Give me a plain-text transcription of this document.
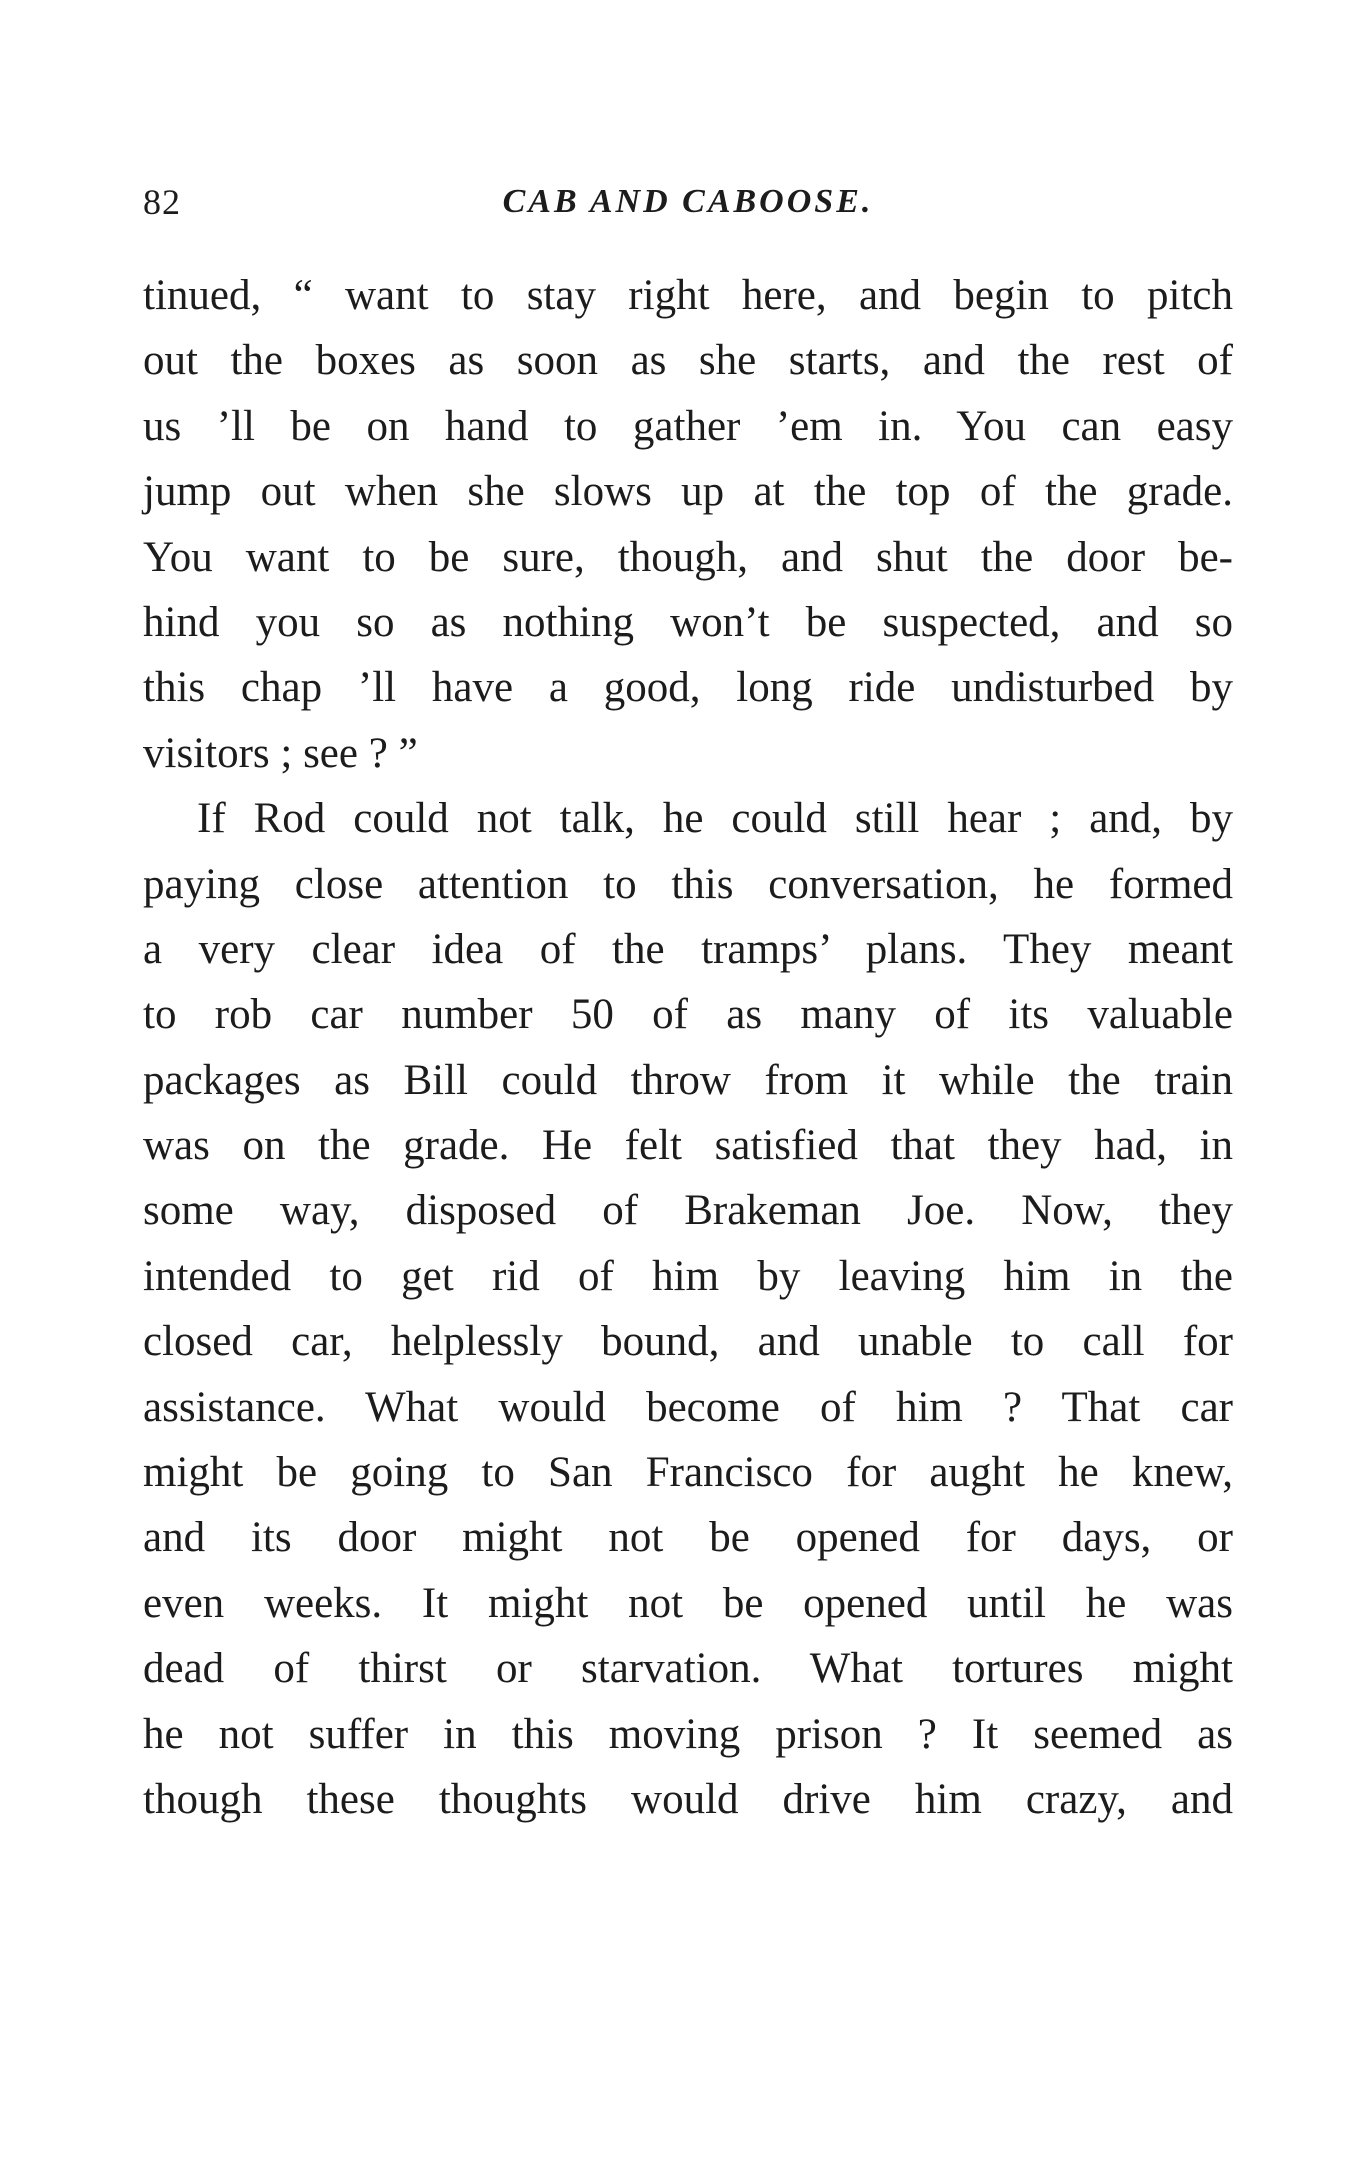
82	CAB AND CABOOSE.
tinued, “ want to stay right here, and begin to pitch
out the boxes as soon as she starts, and the rest of
us ’ll be on hand to gather ’em in. You can easy
jump out when she slows up at the top of the grade.
You want to be sure, though, and shut the door be-
hind you so as nothing won’t be suspected, and so
this chap ’ll have a good, long ride undisturbed by
visitors ; see ? ”
If Rod could not talk, he could still hear ; and, by
paying close attention to this conversation, he formed
a very clear idea of the tramps’ plans. They meant
to rob car number 50 of as many of its valuable
packages as Bill could throw from it while the train
was on the grade. He felt satisfied that they had, in
some way, disposed of Brakeman Joe. Now, they
intended to get rid of him by leaving him in the
closed car, helplessly bound, and unable to call for
assistance. What would become of him ? That car
might be going to San Francisco for aught he knew,
and its door might not be opened for days, or
even weeks. It might not be opened until he was
dead of thirst or starvation. What tortures might
he not suffer in this moving prison ? It seemed as
though these thoughts would drive him crazy, and
